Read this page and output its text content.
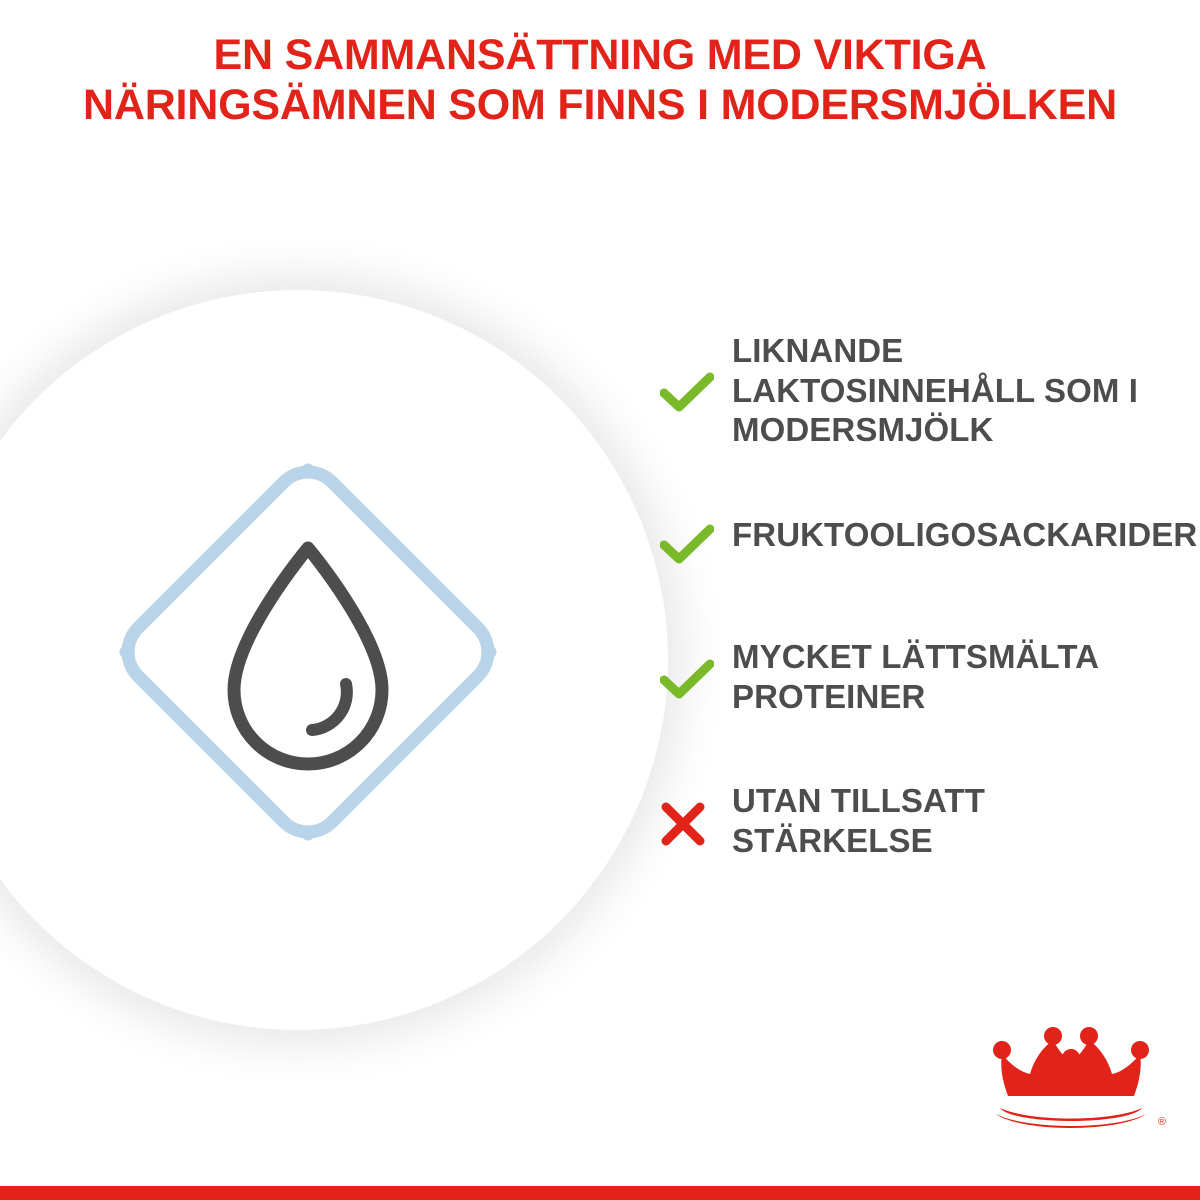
EN SAMMANSÄTTNING MED VIKTIGA
NÄRINGSÄMNEN SOM FINNS I MODERSMJÖLKEN
LIKNANDE LAKTOSINNEHÅLL SOM I MODERSMJÖLK
FRUKTOOLIGOSACKARIDER
MYCKET LÄTTSMÄLTA PROTEINER
UTAN TILLSATT STÄRKELSE
®
